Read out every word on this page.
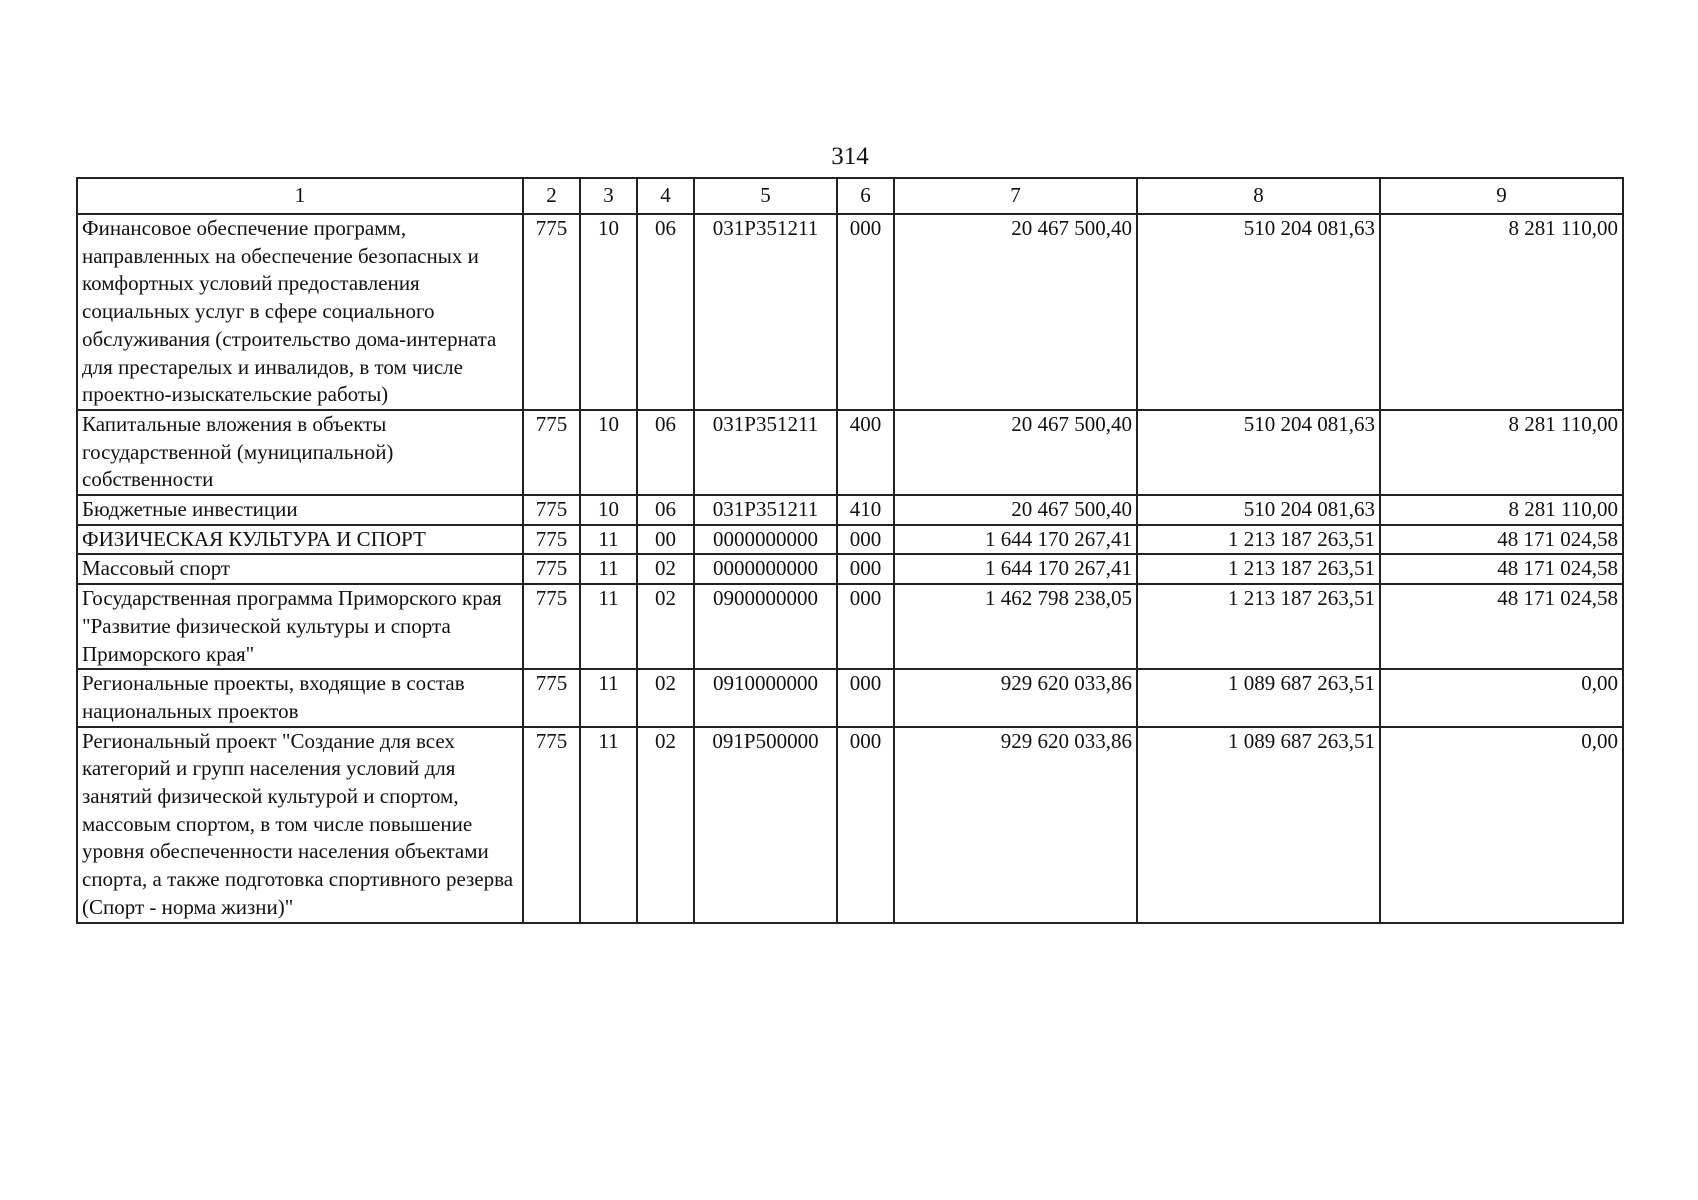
314
1	2	3	4	5	6	7	8	9
Финансовое обеспечение программ, направленных на обеспечение безопасных и комфортных условий предоставления социальных услуг в сфере социального обслуживания (строительство дома-интерната для престарелых и инвалидов, в том числе проектно-изыскательские работы)	775	10	06	031P351211	000	20 467 500,40	510 204 081,63	8 281 110,00
Капитальные вложения в объекты государственной (муниципальной) собственности	775	10	06	031P351211	400	20 467 500,40	510 204 081,63	8 281 110,00
Бюджетные инвестиции	775	10	06	031P351211	410	20 467 500,40	510 204 081,63	8 281 110,00
ФИЗИЧЕСКАЯ КУЛЬТУРА И СПОРТ	775	11	00	0000000000	000	1 644 170 267,41	1 213 187 263,51	48 171 024,58
Массовый спорт	775	11	02	0000000000	000	1 644 170 267,41	1 213 187 263,51	48 171 024,58
Государственная программа Приморского края "Развитие физической культуры и спорта Приморского края"	775	11	02	0900000000	000	1 462 798 238,05	1 213 187 263,51	48 171 024,58
Региональные проекты, входящие в состав национальных проектов	775	11	02	0910000000	000	929 620 033,86	1 089 687 263,51	0,00
Региональный проект "Создание для всех категорий и групп населения условий для занятий физической культурой и спортом, массовым спортом, в том числе повышение уровня обеспеченности населения объектами спорта, а также подготовка спортивного резерва (Спорт - норма жизни)"	775	11	02	091P500000	000	929 620 033,86	1 089 687 263,51	0,00
